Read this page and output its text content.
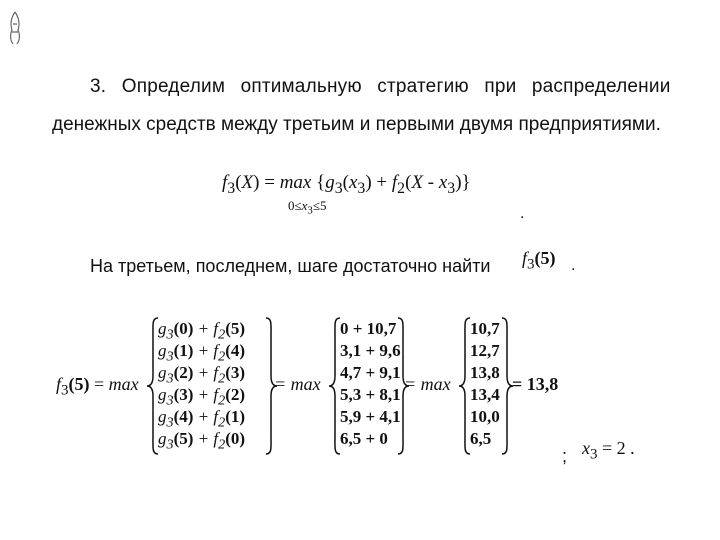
3. Определим оптимальную стратегию при распределении
денежных средств между третьим и первыми двумя предприятиями.
$f_3(X) = \max \{g_3(x_3) + f_2(X - x_3)\}$
$0\le x_3\le 5$	.
На третьем, последнем, шаге достаточно найти $f_3(5)$ .
$f_3(5) = \max$
$g_3(0) + f_2(5)$
$g_3(1) + f_2(4)$
$g_3(2) + f_2(3)$
$g_3(3) + f_2(2)$
$g_3(4) + f_2(1)$
$g_3(5) + f_2(0)$
= max
0 + 10,7
3,1 + 9,6
4,7 + 9,1
5,3 + 8,1
5,9 + 4,1
6,5 + 0
= max
10,7
12,7
13,8
13,4
10,0
6,5
= 13,8
; $x_3 = 2$ .
